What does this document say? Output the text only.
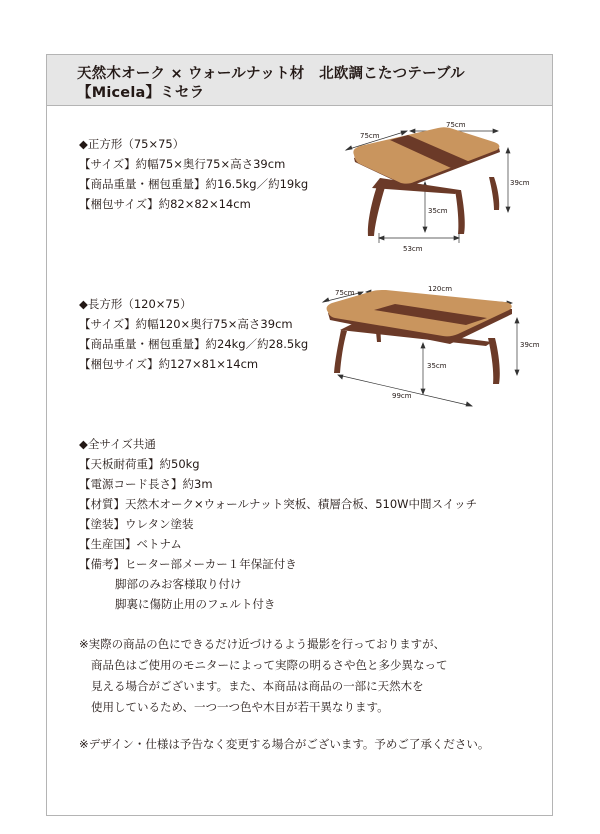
天然木オーク × ウォールナット材　北欧調こたつテーブル
【Micela】ミセラ
◆正方形（75×75）
【サイズ】約幅75×奥行75×高さ39cm
【商品重量・梱包重量】約16.5kg／約19kg
【梱包サイズ】約82×82×14cm
75cm
75cm
39cm
35cm
53cm
◆長方形（120×75）
【サイズ】約幅120×奥行75×高さ39cm
【商品重量・梱包重量】約24kg／約28.5kg
【梱包サイズ】約127×81×14cm
75cm	120cm
39cm
35cm
99cm
◆全サイズ共通
【天板耐荷重】約50kg
【電源コード長さ】約3m
【材質】天然木オーク×ウォールナット突板、積層合板、510W中間スイッチ
【塗装】ウレタン塗装
【生産国】ベトナム
【備考】ヒーター部メーカー１年保証付き
脚部のみお客様取り付け
脚裏に傷防止用のフェルト付き
※実際の商品の色にできるだけ近づけるよう撮影を行っておりますが、
商品色はご使用のモニターによって実際の明るさや色と多少異なって
見える場合がございます。また、本商品は商品の一部に天然木を
使用しているため、一つ一つ色や木目が若干異なります。
※デザイン・仕様は予告なく変更する場合がございます。予めご了承ください。
